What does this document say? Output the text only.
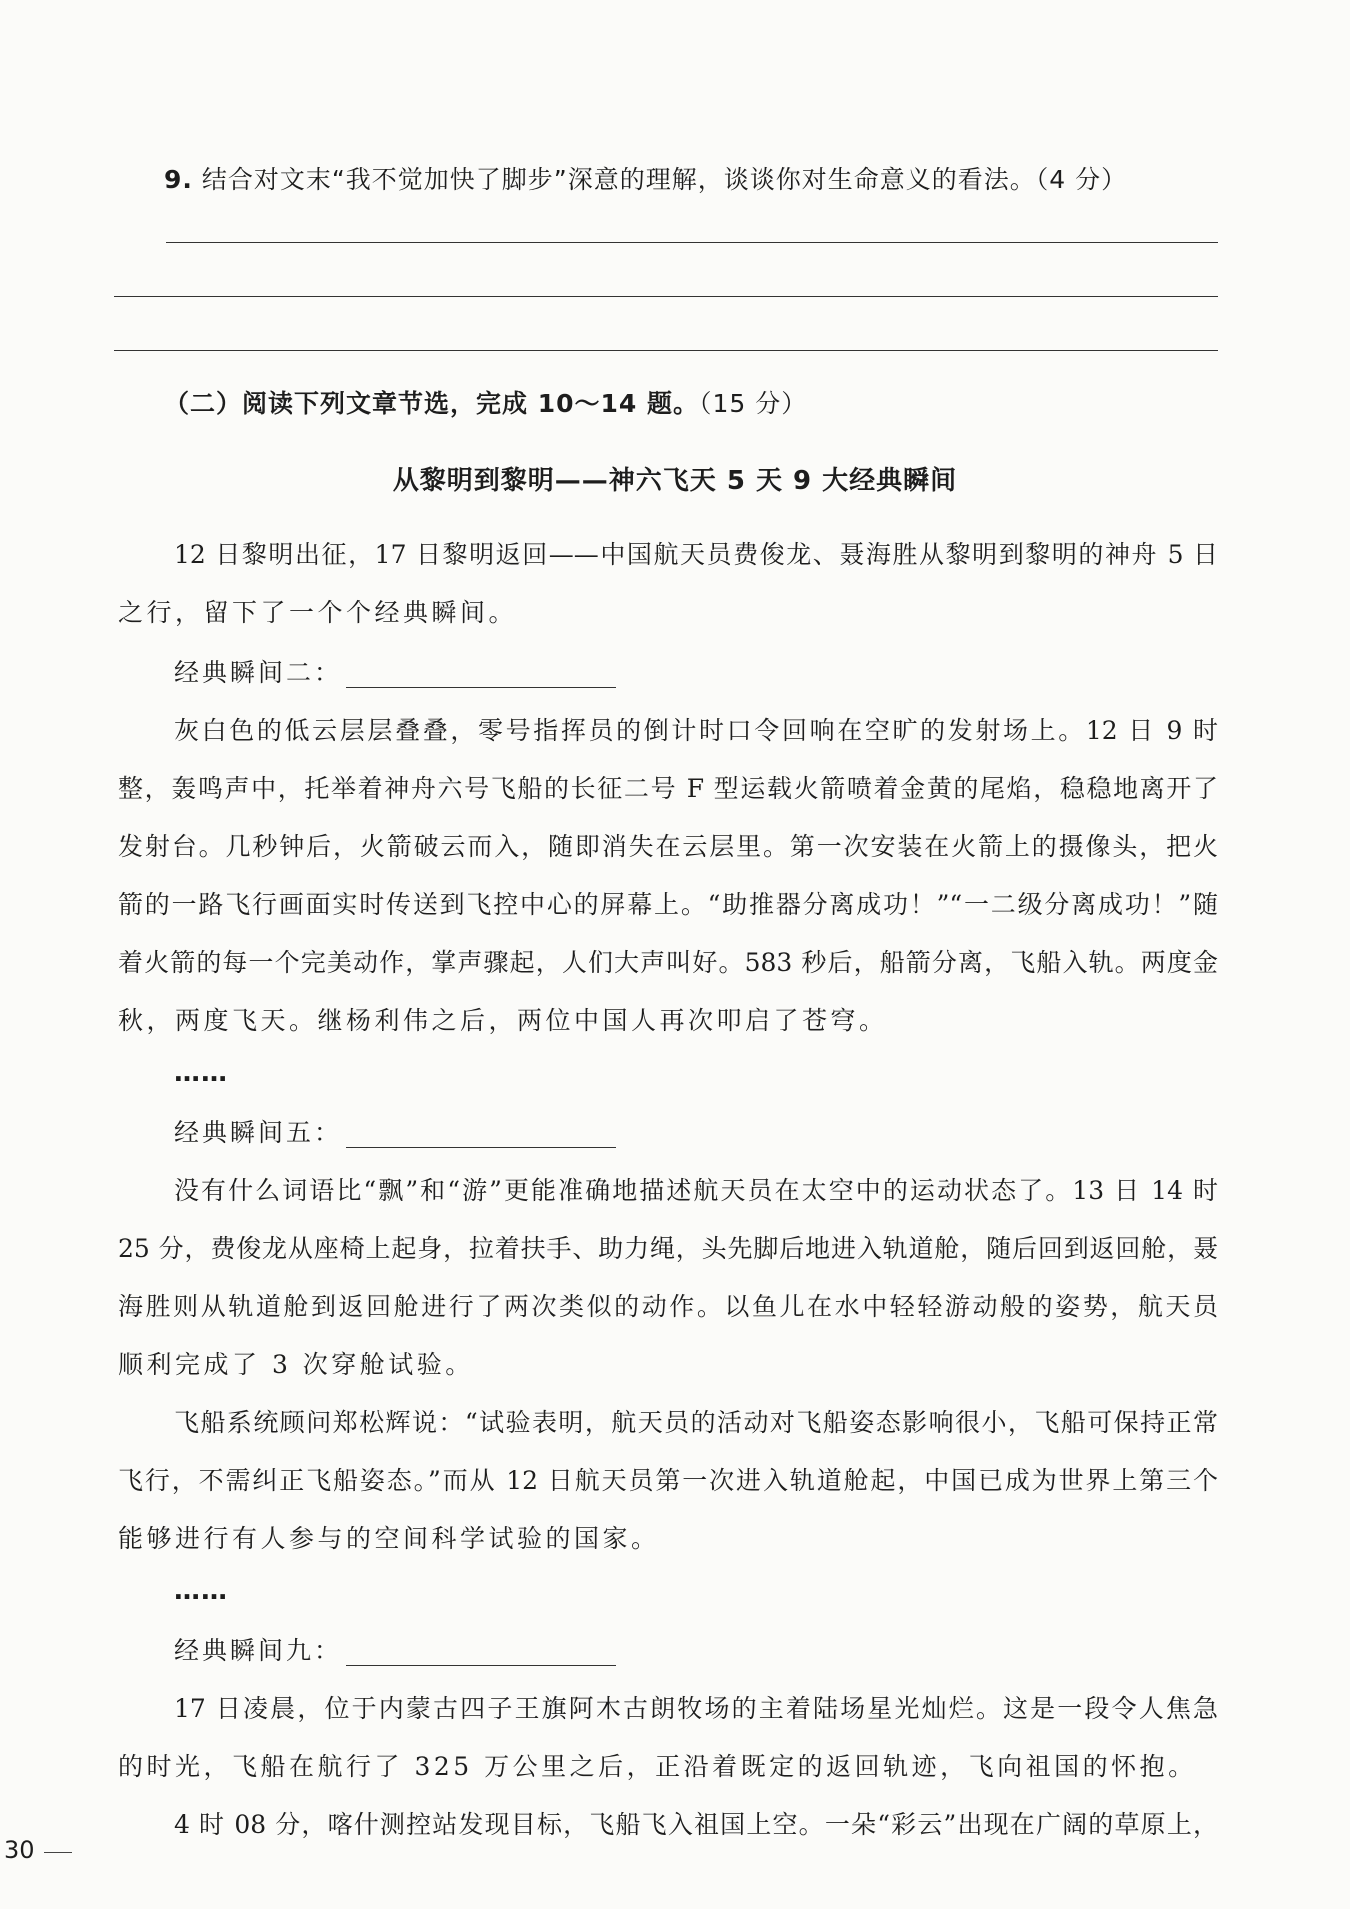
9. 结合对文末“我不觉加快了脚步”深意的理解，谈谈你对生命意义的看法。（4 分）
（二）阅读下列文章节选，完成 10～14 题。（15 分）
从黎明到黎明——神六飞天 5 天 9 大经典瞬间
12 日黎明出征，17 日黎明返回——中国航天员费俊龙、聂海胜从黎明到黎明的神舟 5 日
之行，留下了一个个经典瞬间。
经典瞬间二：
灰白色的低云层层叠叠，零号指挥员的倒计时口令回响在空旷的发射场上。12 日 9 时
整，轰鸣声中，托举着神舟六号飞船的长征二号 F 型运载火箭喷着金黄的尾焰，稳稳地离开了
发射台。几秒钟后，火箭破云而入，随即消失在云层里。第一次安装在火箭上的摄像头，把火
箭的一路飞行画面实时传送到飞控中心的屏幕上。“助推器分离成功！”“一二级分离成功！”随
着火箭的每一个完美动作，掌声骤起，人们大声叫好。583 秒后，船箭分离，飞船入轨。两度金
秋，两度飞天。继杨利伟之后，两位中国人再次叩启了苍穹。
……
经典瞬间五：
没有什么词语比“飘”和“游”更能准确地描述航天员在太空中的运动状态了。13 日 14 时
25 分，费俊龙从座椅上起身，拉着扶手、助力绳，头先脚后地进入轨道舱，随后回到返回舱，聂
海胜则从轨道舱到返回舱进行了两次类似的动作。以鱼儿在水中轻轻游动般的姿势，航天员
顺利完成了 3 次穿舱试验。
飞船系统顾问郑松辉说：“试验表明，航天员的活动对飞船姿态影响很小，飞船可保持正常
飞行，不需纠正飞船姿态。”而从 12 日航天员第一次进入轨道舱起，中国已成为世界上第三个
能够进行有人参与的空间科学试验的国家。
……
经典瞬间九：
17 日凌晨，位于内蒙古四子王旗阿木古朗牧场的主着陆场星光灿烂。这是一段令人焦急
的时光，飞船在航行了 325 万公里之后，正沿着既定的返回轨迹，飞向祖国的怀抱。
4 时 08 分，喀什测控站发现目标，飞船飞入祖国上空。一朵“彩云”出现在广阔的草原上，
30
